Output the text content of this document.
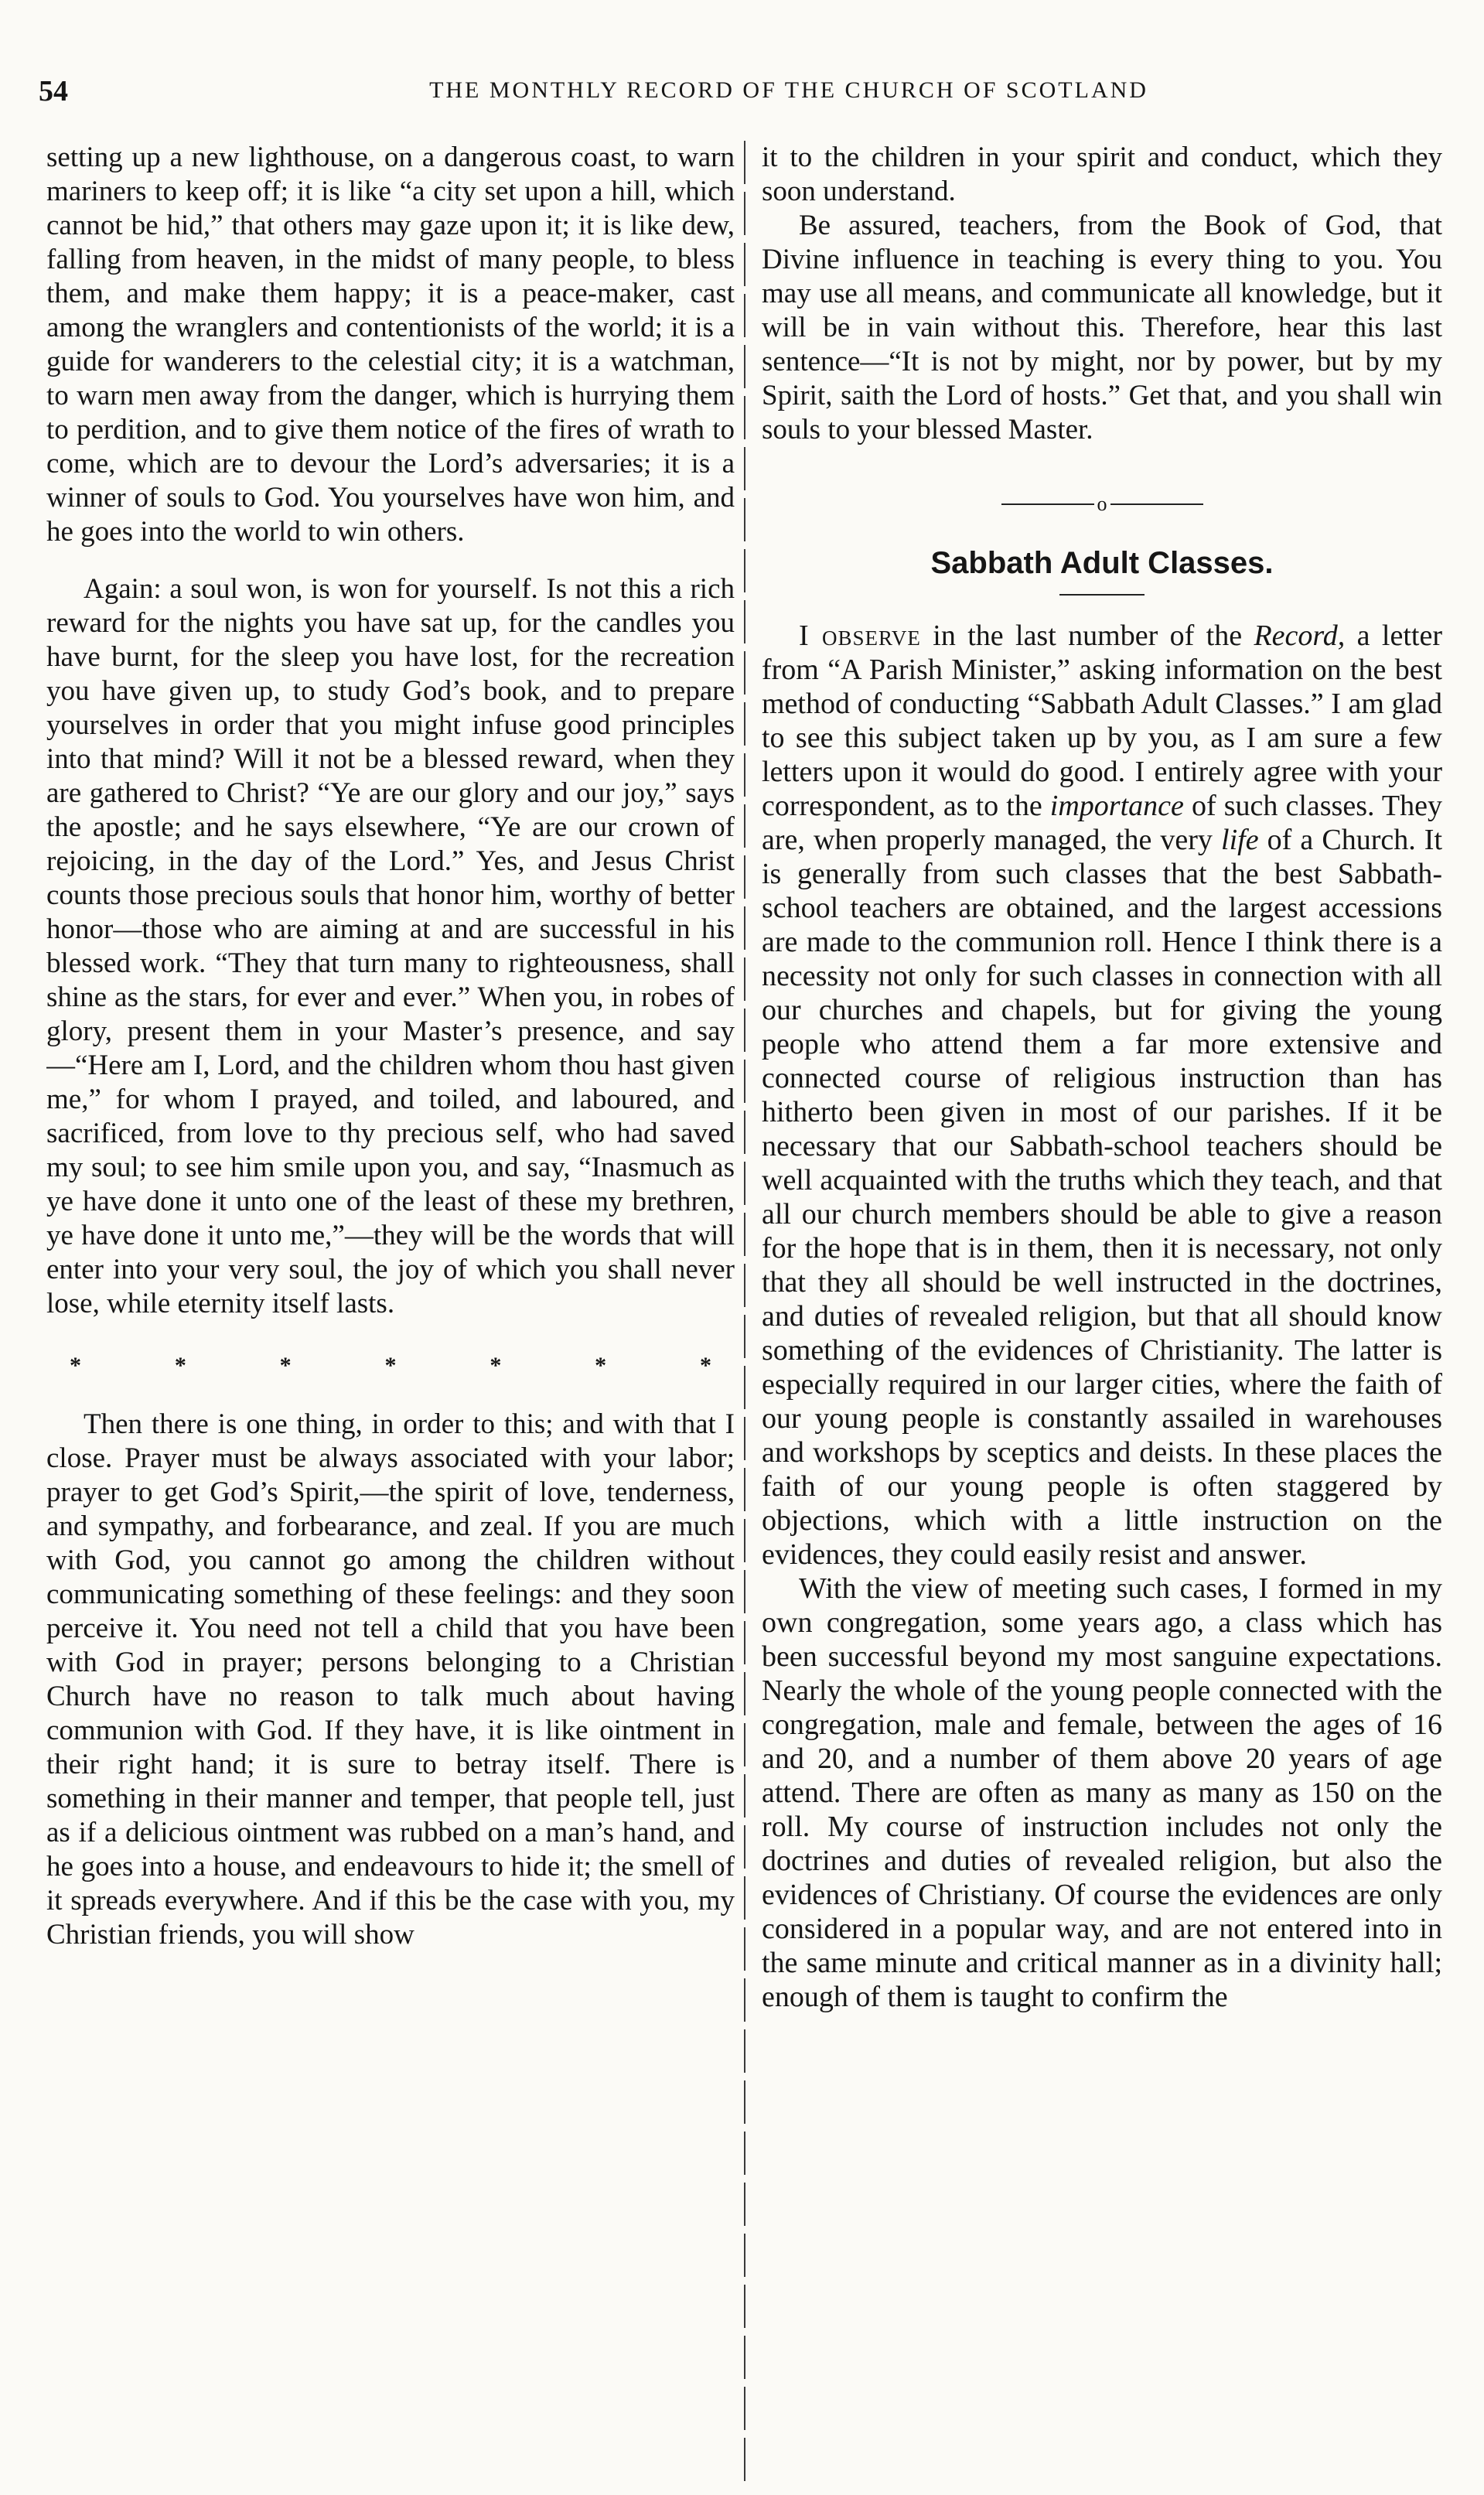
54	THE MONTHLY RECORD OF THE CHURCH OF SCOTLAND

setting up a new lighthouse, on a dangerous coast, to warn mariners to keep off; it is like “a city set upon a hill, which cannot be hid,” that others may gaze upon it; it is like dew, falling from heaven, in the midst of many people, to bless them, and make them happy; it is a peace-maker, cast among the wranglers and contentionists of the world; it is a guide for wanderers to the celestial city; it is a watchman, to warn men away from the danger, which is hurrying them to perdition, and to give them notice of the fires of wrath to come, which are to devour the Lord’s adversaries; it is a winner of souls to God. You yourselves have won him, and he goes into the world to win others.

Again: a soul won, is won for yourself. Is not this a rich reward for the nights you have sat up, for the candles you have burnt, for the sleep you have lost, for the recreation you have given up, to study God’s book, and to prepare yourselves in order that you might infuse good principles into that mind? Will it not be a blessed reward, when they are gathered to Christ? “Ye are our glory and our joy,” says the apostle; and he says elsewhere, “Ye are our crown of rejoicing, in the day of the Lord.” Yes, and Jesus Christ counts those precious souls that honor him, worthy of better honor—those who are aiming at and are successful in his blessed work. “They that turn many to righteousness, shall shine as the stars, for ever and ever.” When you, in robes of glory, present them in your Master’s presence, and say—“Here am I, Lord, and the children whom thou hast given me,” for whom I prayed, and toiled, and laboured, and sacrificed, from love to thy precious self, who had saved my soul; to see him smile upon you, and say, “Inasmuch as ye have done it unto one of the least of these my brethren, ye have done it unto me,”—they will be the words that will enter into your very soul, the joy of which you shall never lose, while eternity itself lasts.

*	*	*	*	*	*	*

Then there is one thing, in order to this; and with that I close. Prayer must be always associated with your labor; prayer to get God’s Spirit,—the spirit of love, tenderness, and sympathy, and forbearance, and zeal. If you are much with God, you cannot go among the children without communicating something of these feelings: and they soon perceive it. You need not tell a child that you have been with God in prayer; persons belonging to a Christian Church have no reason to talk much about having communion with God. If they have, it is like ointment in their right hand; it is sure to betray itself. There is something in their manner and temper, that people tell, just as if a delicious ointment was rubbed on a man’s hand, and he goes into a house, and endeavours to hide it; the smell of it spreads everywhere. And if this be the case with you, my Christian friends, you will show

it to the children in your spirit and conduct, which they soon understand.

Be assured, teachers, from the Book of God, that Divine influence in teaching is every thing to you. You may use all means, and communicate all knowledge, but it will be in vain without this. Therefore, hear this last sentence—“It is not by might, nor by power, but by my Spirit, saith the Lord of hosts.” Get that, and you shall win souls to your blessed Master.

o
Sabbath Adult Classes.

I observe in the last number of the Record, a letter from “A Parish Minister,” asking information on the best method of conducting “Sabbath Adult Classes.” I am glad to see this subject taken up by you, as I am sure a few letters upon it would do good. I entirely agree with your correspondent, as to the importance of such classes. They are, when properly managed, the very life of a Church. It is generally from such classes that the best Sabbath-school teachers are obtained, and the largest accessions are made to the communion roll. Hence I think there is a necessity not only for such classes in connection with all our churches and chapels, but for giving the young people who attend them a far more extensive and connected course of religious instruction than has hitherto been given in most of our parishes. If it be necessary that our Sabbath-school teachers should be well acquainted with the truths which they teach, and that all our church members should be able to give a reason for the hope that is in them, then it is necessary, not only that they all should be well instructed in the doctrines, and duties of revealed religion, but that all should know something of the evidences of Christianity. The latter is especially required in our larger cities, where the faith of our young people is constantly assailed in warehouses and workshops by sceptics and deists. In these places the faith of our young people is often staggered by objections, which with a little instruction on the evidences, they could easily resist and answer.

With the view of meeting such cases, I formed in my own congregation, some years ago, a class which has been successful beyond my most sanguine expectations. Nearly the whole of the young people connected with the congregation, male and female, between the ages of 16 and 20, and a number of them above 20 years of age attend. There are often as many as many as 150 on the roll. My course of instruction includes not only the doctrines and duties of revealed religion, but also the evidences of Christiany. Of course the evidences are only considered in a popular way, and are not entered into in the same minute and critical manner as in a divinity hall; enough of them is taught to confirm the
